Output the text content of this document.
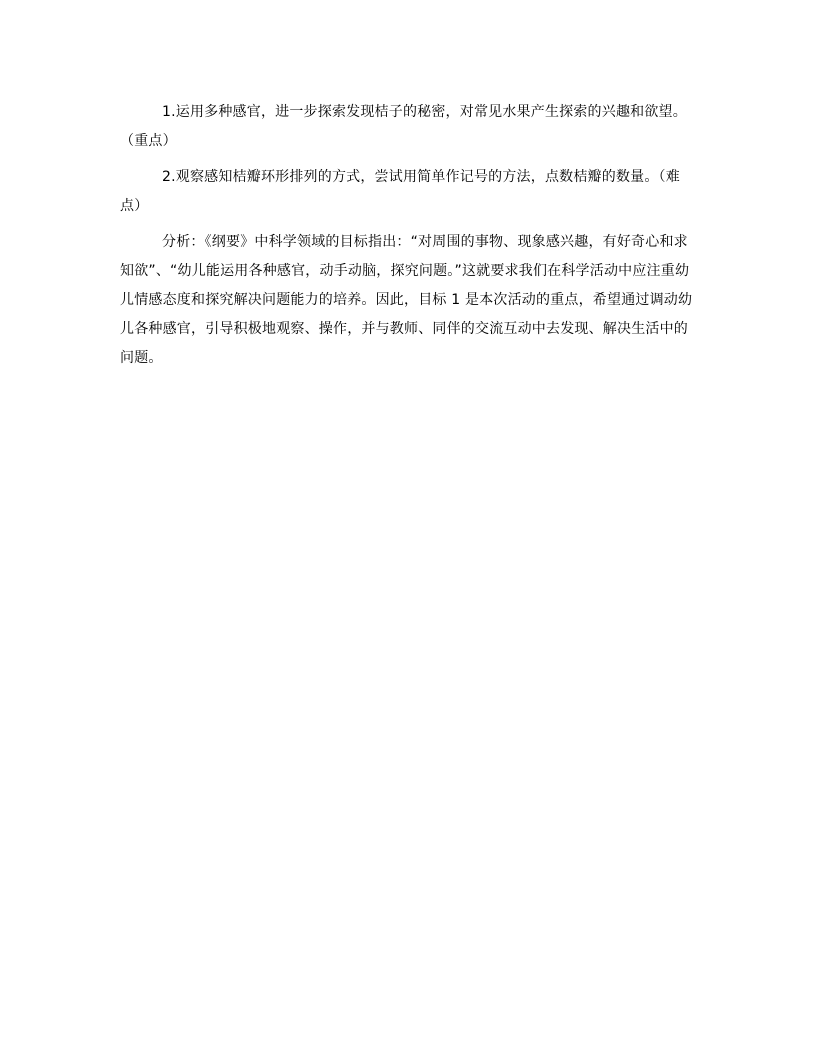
1.运用多种感官，进一步探索发现桔子的秘密，对常见水果产生探索的兴趣和欲望。（重点）

2.观察感知桔瓣环形排列的方式，尝试用简单作记号的方法，点数桔瓣的数量。（难点）

分析：《纲要》中科学领域的目标指出：“对周围的事物、现象感兴趣，有好奇心和求知欲”、“幼儿能运用各种感官，动手动脑，探究问题。”这就要求我们在科学活动中应注重幼儿情感态度和探究解决问题能力的培养。因此，目标 1 是本次活动的重点，希望通过调动幼儿各种感官，引导积极地观察、操作，并与教师、同伴的交流互动中去发现、解决生活中的问题。
